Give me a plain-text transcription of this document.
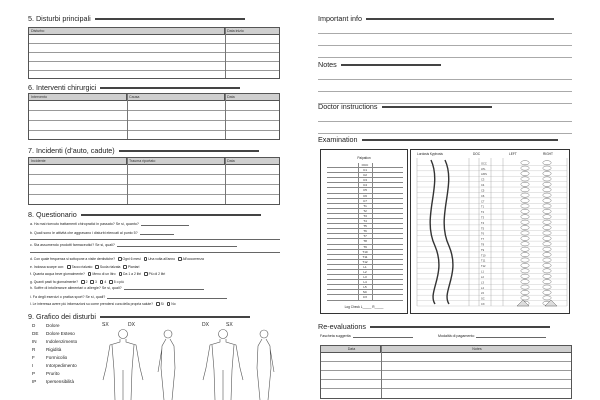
5. Disturbi principali
Disturbo	Data inizio
6. Interventi chirurgici
Intervento	Causa	Data
7. Incidenti (d’auto, cadute)
Incidente	Trauma riportato	Data
8. Questionario
a. Ha mai ricevuto trattamenti chiropratici in passato? Se sì, quanto?
b. Quali sono le attività che aggravano i disturbi elencati al punto 5?
c. Sta assumendo prodotti farmaceutici? Se sì, quali?
d. Con quale frequenza si sottopone a visite dentistiche?	Ogni 6 mesi	Una volta all’anno	All’occorrenza
e. Indossa scarpe con:	Tacco rialzato	Suola rialzata	Plantari
f. Quanta acqua beve giornalmente?	Meno di un litro	Da 1 a 2 litri	Più di 2 litri
g. Quanti pasti fa giornalmente?	2	3	4	5 o più
h. Soffre di intolleranze alimentari o allergie? Se sì, quali?
i. Fa degli esercizi o pratica sport? Se sì, quali?
l. Le interessa avere più informazioni su come prendersi cura della propria salute?	Sì	No
9. Grafico dei disturbi
D Dolore
DE Dolore Esteso
IN Indolenzimento
R Rigidità
F Formicolio
I	Intorpedimento
P Prurito
IP Ipersensibilità
SX	DX	DX	SX
Important info
Notes
Doctor instructions
Examination
Palpation
OCC
C1
C2
C3
C4
C5
C6
C7
T1
T2
T3
T4
T5
T6
T7
T8
T9
T10
T11
T12
L1
L2
L3
L4
L5
SC
CX
Log Check L_____ R_____
Lordosis Kyphosis	DOC	LEFT	RIGHT
OCC
ATL
AXIS
C3
C4
C5
C6
C7
T1
T2
T3
T4
T5
T6
T7
T8
T9
T10
T11
T12
L1
L2
L3
L4
L5
SC
CX
Re-evaluations
Fascheta suggerita	Modalità di pagamento
Data	Notes
